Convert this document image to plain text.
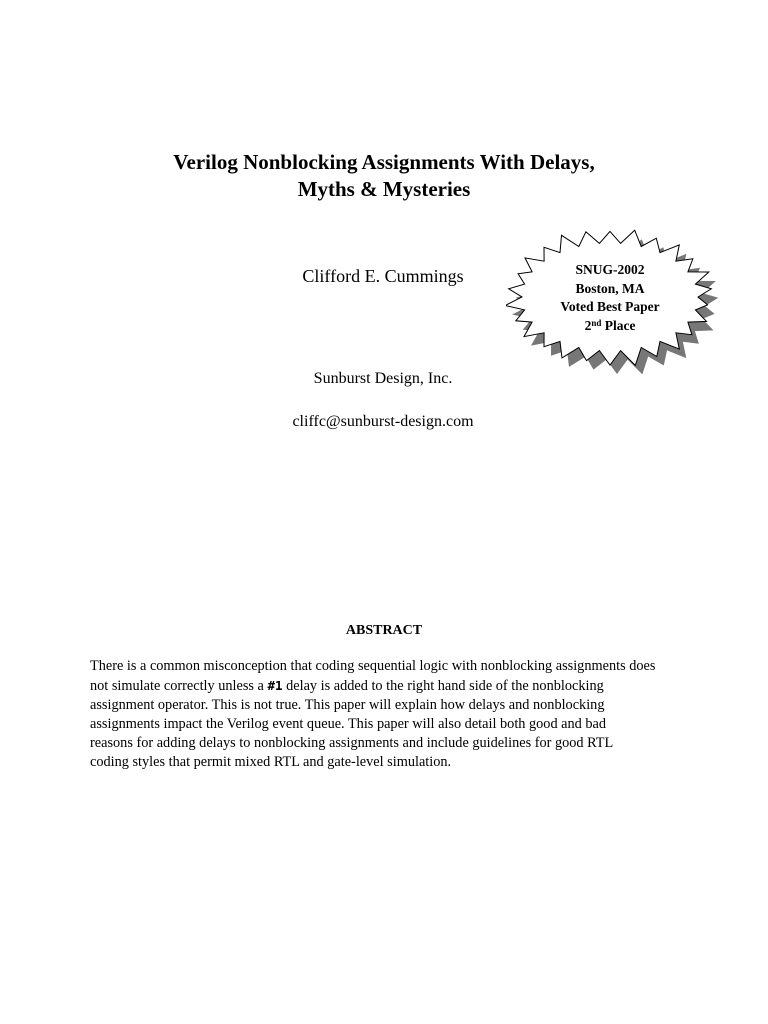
Verilog Nonblocking Assignments With Delays,
Myths & Mysteries
Clifford E. Cummings	SNUG-2002
Boston, MA
Voted Best Paper
2nd Place
Sunburst Design, Inc.
cliffc@sunburst-design.com
ABSTRACT
There is a common misconception that coding sequential logic with nonblocking assignments does
not simulate correctly unless a #1 delay is added to the right hand side of the nonblocking
assignment operator. This is not true. This paper will explain how delays and nonblocking
assignments impact the Verilog event queue. This paper will also detail both good and bad
reasons for adding delays to nonblocking assignments and include guidelines for good RTL
coding styles that permit mixed RTL and gate-level simulation.
